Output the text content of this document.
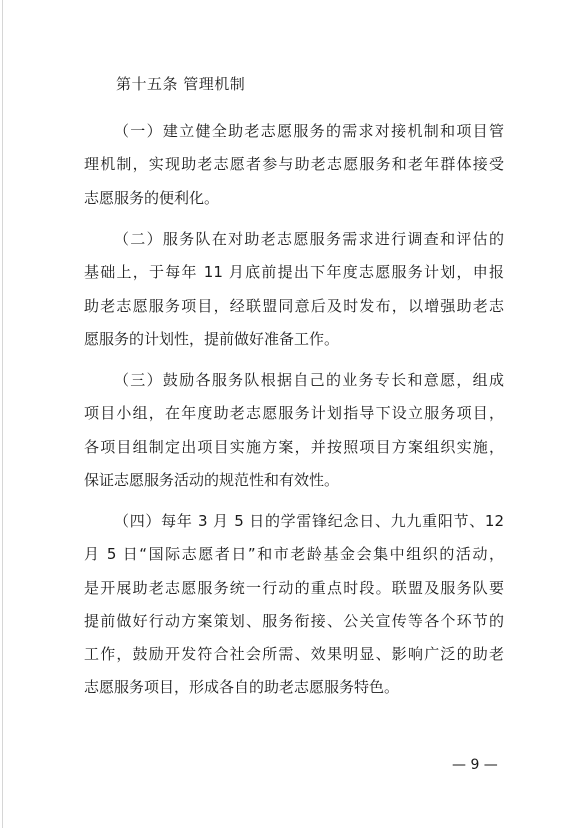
第十五条 管理机制
（一）建立健全助老志愿服务的需求对接机制和项目管
理机制，实现助老志愿者参与助老志愿服务和老年群体接受
志愿服务的便利化。
（二）服务队在对助老志愿服务需求进行调查和评估的
基础上，于每年 11 月底前提出下年度志愿服务计划，申报
助老志愿服务项目，经联盟同意后及时发布，以增强助老志
愿服务的计划性，提前做好准备工作。
（三）鼓励各服务队根据自己的业务专长和意愿，组成
项目小组，在年度助老志愿服务计划指导下设立服务项目，
各项目组制定出项目实施方案，并按照项目方案组织实施，
保证志愿服务活动的规范性和有效性。
（四）每年 3 月 5 日的学雷锋纪念日、九九重阳节、12
月 5 日“国际志愿者日”和市老龄基金会集中组织的活动，
是开展助老志愿服务统一行动的重点时段。联盟及服务队要
提前做好行动方案策划、服务衔接、公关宣传等各个环节的
工作，鼓励开发符合社会所需、效果明显、影响广泛的助老
志愿服务项目，形成各自的助老志愿服务特色。
— 9 —
